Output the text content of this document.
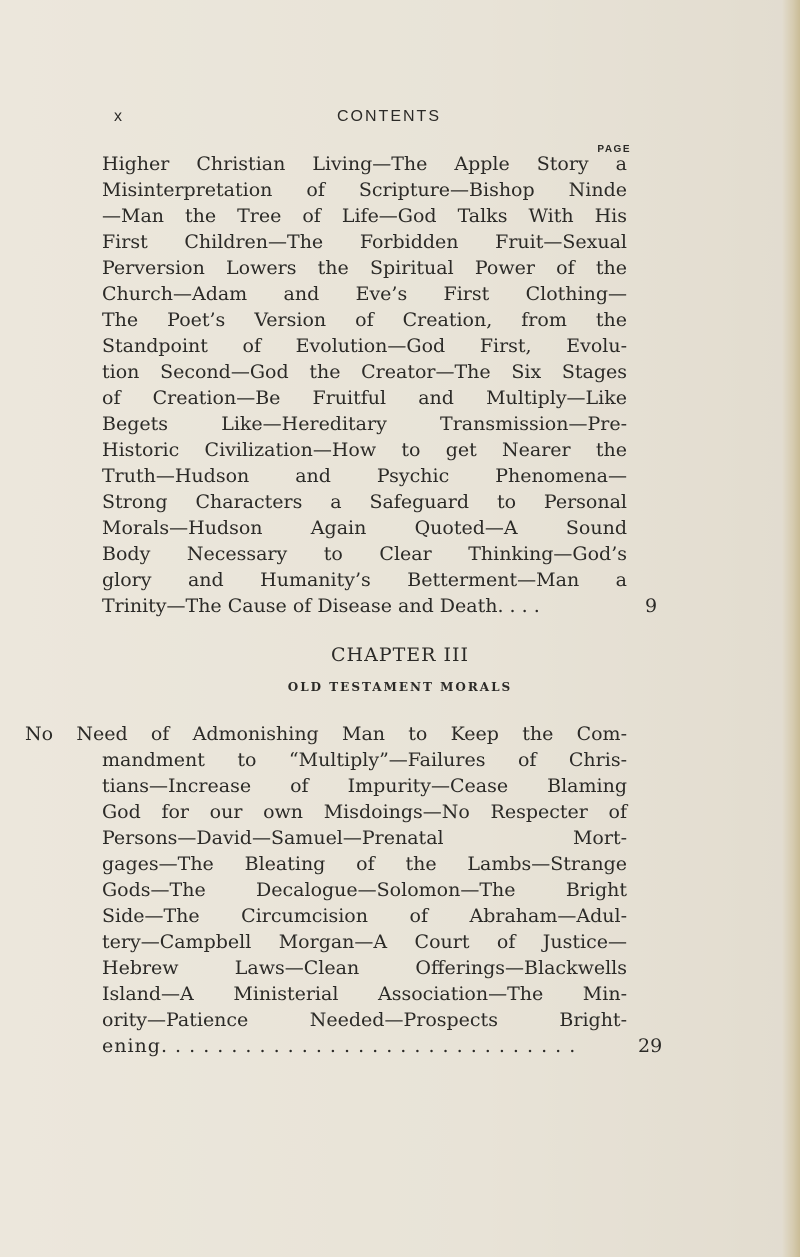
x	CONTENTS
PAGE
Higher Christian Living—The Apple Story a
Misinterpretation of Scripture—Bishop Ninde
—Man the Tree of Life—God Talks With His
First Children—The Forbidden Fruit—Sexual
Perversion Lowers the Spiritual Power of the
Church—Adam and Eve’s First Clothing—
The Poet’s Version of Creation, from the
Standpoint of Evolution—God First, Evolu-
tion Second—God the Creator—The Six Stages
of Creation—Be Fruitful and Multiply—Like
Begets Like—Hereditary Transmission—Pre-
Historic Civilization—How to get Nearer the
Truth—Hudson and Psychic Phenomena—
Strong Characters a Safeguard to Personal
Morals—Hudson Again Quoted—A Sound
Body Necessary to Clear Thinking—God’s
glory and Humanity’s Betterment—Man a
Trinity—The Cause of Disease and Death. . . .	9
CHAPTER III
OLD TESTAMENT MORALS
No Need of Admonishing Man to Keep the Com-
mandment to “Multiply”—Failures of Chris-
tians—Increase of Impurity—Cease Blaming
God for our own Misdoings—No Respecter of
Persons—David—Samuel—Prenatal Mort-
gages—The Bleating of the Lambs—Strange
Gods—The Decalogue—Solomon—The Bright
Side—The Circumcision of Abraham—Adul-
tery—Campbell Morgan—A Court of Justice—
Hebrew Laws—Clean Offerings—Blackwells
Island—A Ministerial Association—The Min-
ority—Patience Needed—Prospects Bright-
ening. . . . . . . . . . . . . . . . . . . . . . . . . . . . . .	29
